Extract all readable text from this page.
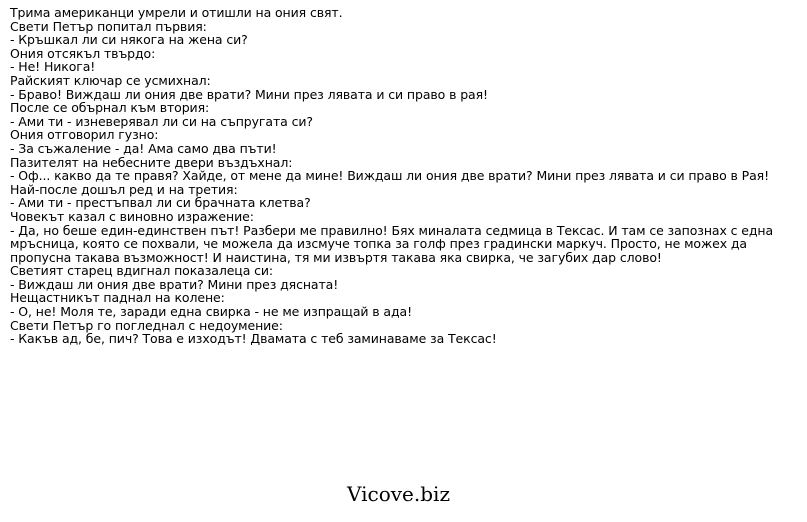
Трима американци умрели и отишли на ония свят.
Свети Петър попитал първия:
- Кръшкал ли си някога на жена си?
Ония отсякъл твърдо:
- Не! Никога!
Райският ключар се усмихнал:
- Браво! Виждаш ли ония две врати? Мини през лявата и си право в рая!
После се обърнал към втория:
- Ами ти - изневерявал ли си на съпругата си?
Ония отговорил гузно:
- За съжаление - да! Ама само два пъти!
Пазителят на небесните двери въздъхнал:
- Оф... какво да те правя? Хайде, от мене да мине! Виждаш ли ония две врати? Мини през лявата и си право в Рая!
Най-после дошъл ред и на третия:
- Ами ти - престъпвал ли си брачната клетва?
Човекът казал с виновно изражение:
- Да, но беше един-единствен път! Разбери ме правилно! Бях миналата седмица в Тексас. И там се запознах с една мръсница, която се похвали, че можела да изсмуче топка за голф през градински маркуч. Просто, не можех да пропусна такава възможност! И наистина, тя ми извъртя такава яка свирка, че загубих дар слово!
Светият старец вдигнал показалеца си:
- Виждаш ли ония две врати? Мини през дясната!
Нещастникът паднал на колене:
- О, не! Моля те, заради една свирка - не ме изпращай в ада!
Свети Петър го погледнал с недоумение:
- Какъв ад, бе, пич? Това е изходът! Двамата с теб заминаваме за Тексас!
Vicove.biz
